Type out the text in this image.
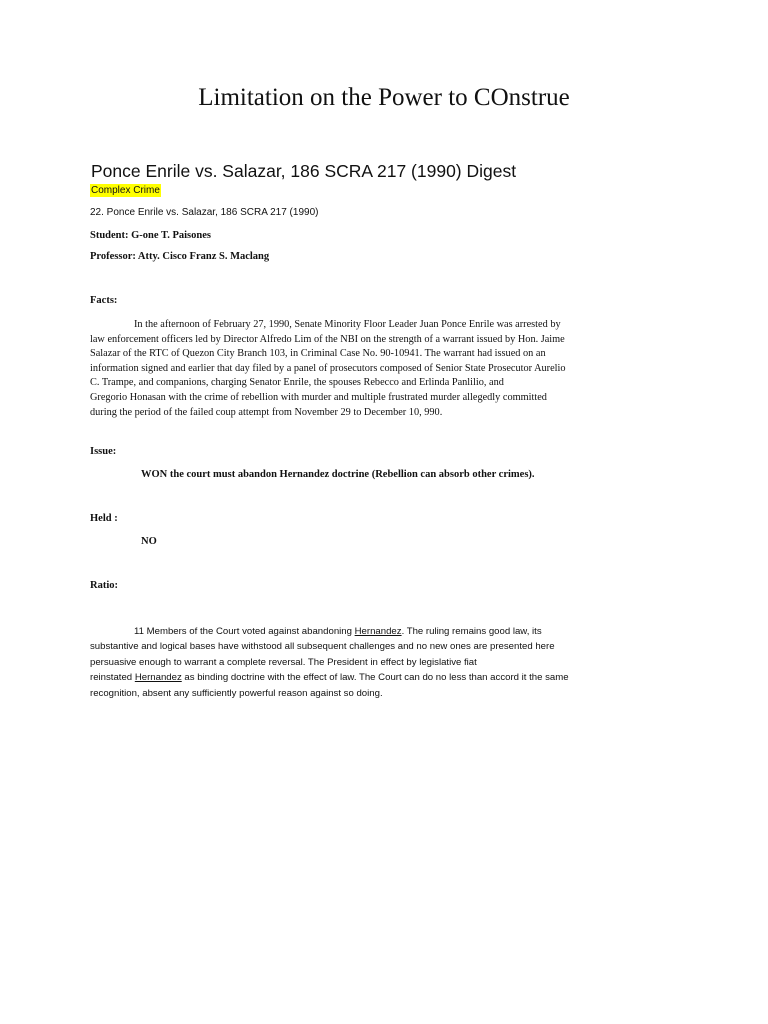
Limitation on the Power to COnstrue
Ponce Enrile vs. Salazar, 186 SCRA 217 (1990) Digest
Complex Crime
22. Ponce Enrile vs. Salazar, 186 SCRA 217 (1990)
Student: G-one T. Paisones
Professor: Atty. Cisco Franz S. Maclang
Facts:

In the afternoon of February 27, 1990, Senate Minority Floor Leader Juan Ponce Enrile was arrested by

law enforcement officers led by Director Alfredo Lim of the NBI on the strength of a warrant issued by Hon. Jaime

Salazar of the RTC of Quezon City Branch 103, in Criminal Case No. 90-10941. The warrant had issued on an

information signed and earlier that day filed by a panel of prosecutors composed of Senior State Prosecutor Aurelio

C. Trampe, and companions, charging Senator Enrile, the spouses Rebecco and Erlinda Panlilio, and

Gregorio Honasan with the crime of rebellion with murder and multiple frustrated murder allegedly committed

during the period of the failed coup attempt from November 29 to December 10, 990.

Issue:
WON the court must abandon Hernandez doctrine (Rebellion can absorb other crimes).
Held :
NO
Ratio:

11 Members of the Court voted against abandoning Hernandez. The ruling remains good law, its

substantive and logical bases have withstood all subsequent challenges and no new ones are presented here

persuasive enough to warrant a complete reversal. The President in effect by legislative fiat

reinstated Hernandez as binding doctrine with the effect of law. The Court can do no less than accord it the same

recognition, absent any sufficiently powerful reason against so doing.
